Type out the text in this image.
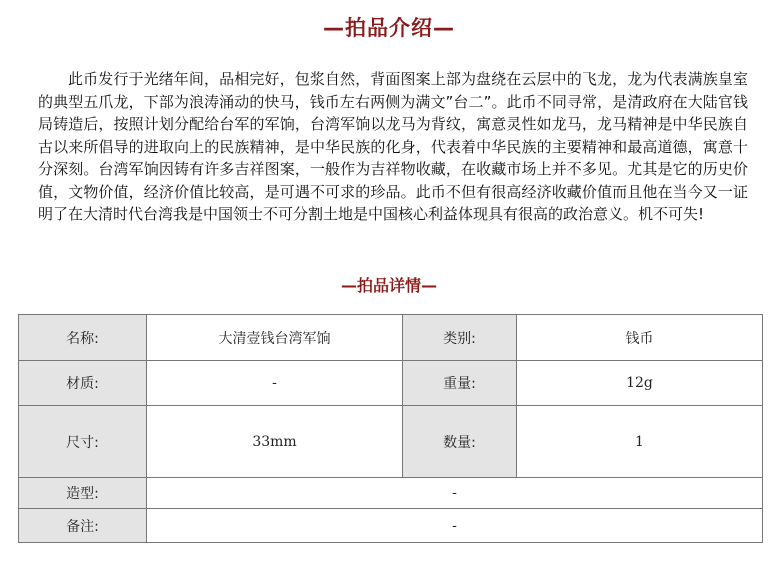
—拍品介绍—
此币发行于光绪年间，品相完好，包浆自然，背面图案上部为盘绕在云层中的飞龙，龙为代表满族皇室的典型五爪龙，下部为浪涛涌动的快马，钱币左右两侧为满文”台二”。此币不同寻常，是清政府在大陆官钱局铸造后，按照计划分配给台军的军饷，台湾军饷以龙马为背纹，寓意灵性如龙马，龙马精神是中华民族自古以来所倡导的进取向上的民族精神，是中华民族的化身，代表着中华民族的主要精神和最高道德，寓意十分深刻。台湾军饷因铸有许多吉祥图案，一般作为吉祥物收藏，在收藏市场上并不多见。尤其是它的历史价值，文物价值，经济价值比较高，是可遇不可求的珍品。此币不但有很高经济收藏价值而且他在当今又一证明了在大清时代台湾我是中国领士不可分割土地是中国核心利益体现具有很高的政治意义。机不可失!
—拍品详情—
名称:	大清壹钱台湾军饷	类别:	钱币
材质:	-	重量:	12g
尺寸:	33mm	数量:	1
造型:	-		
备注:	-		
